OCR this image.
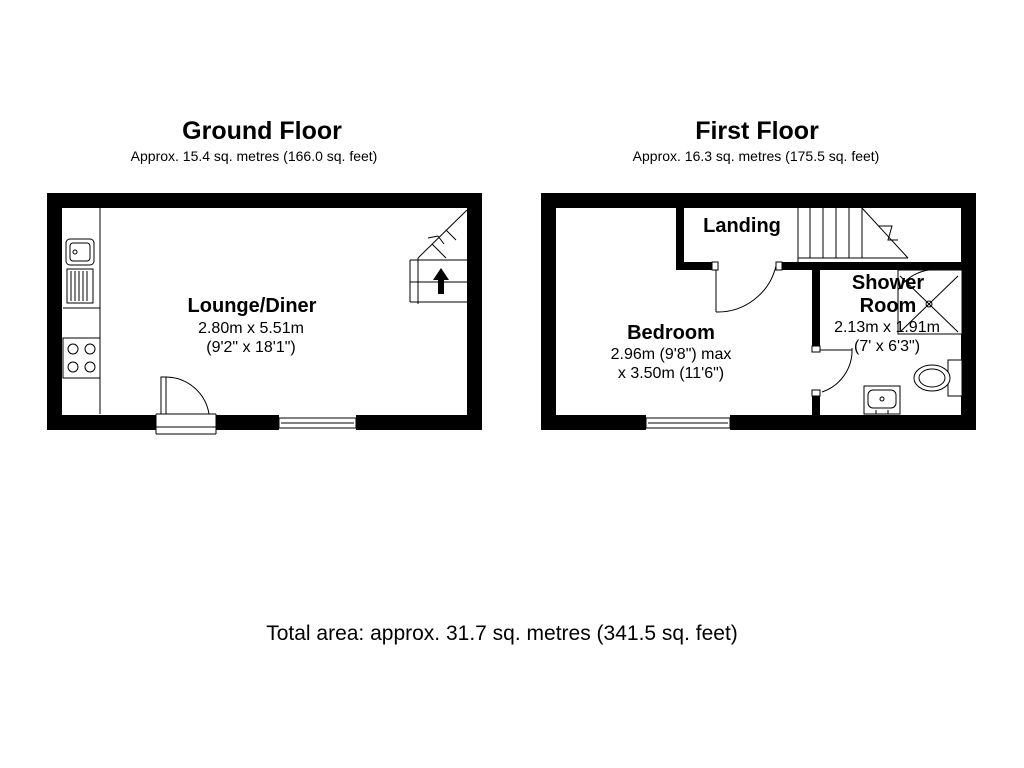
Ground Floor
Approx. 15.4 sq. metres (166.0 sq. feet)
Lounge/Diner
2.80m x 5.51m
(9'2" x 18'1")
First Floor
Approx. 16.3 sq. metres (175.5 sq. feet)
Landing
Shower
Room
2.13m x 1.91m
(7' x 6'3")
Bedroom
2.96m (9'8") max
x 3.50m (11'6")
Total area: approx. 31.7 sq. metres (341.5 sq. feet)
